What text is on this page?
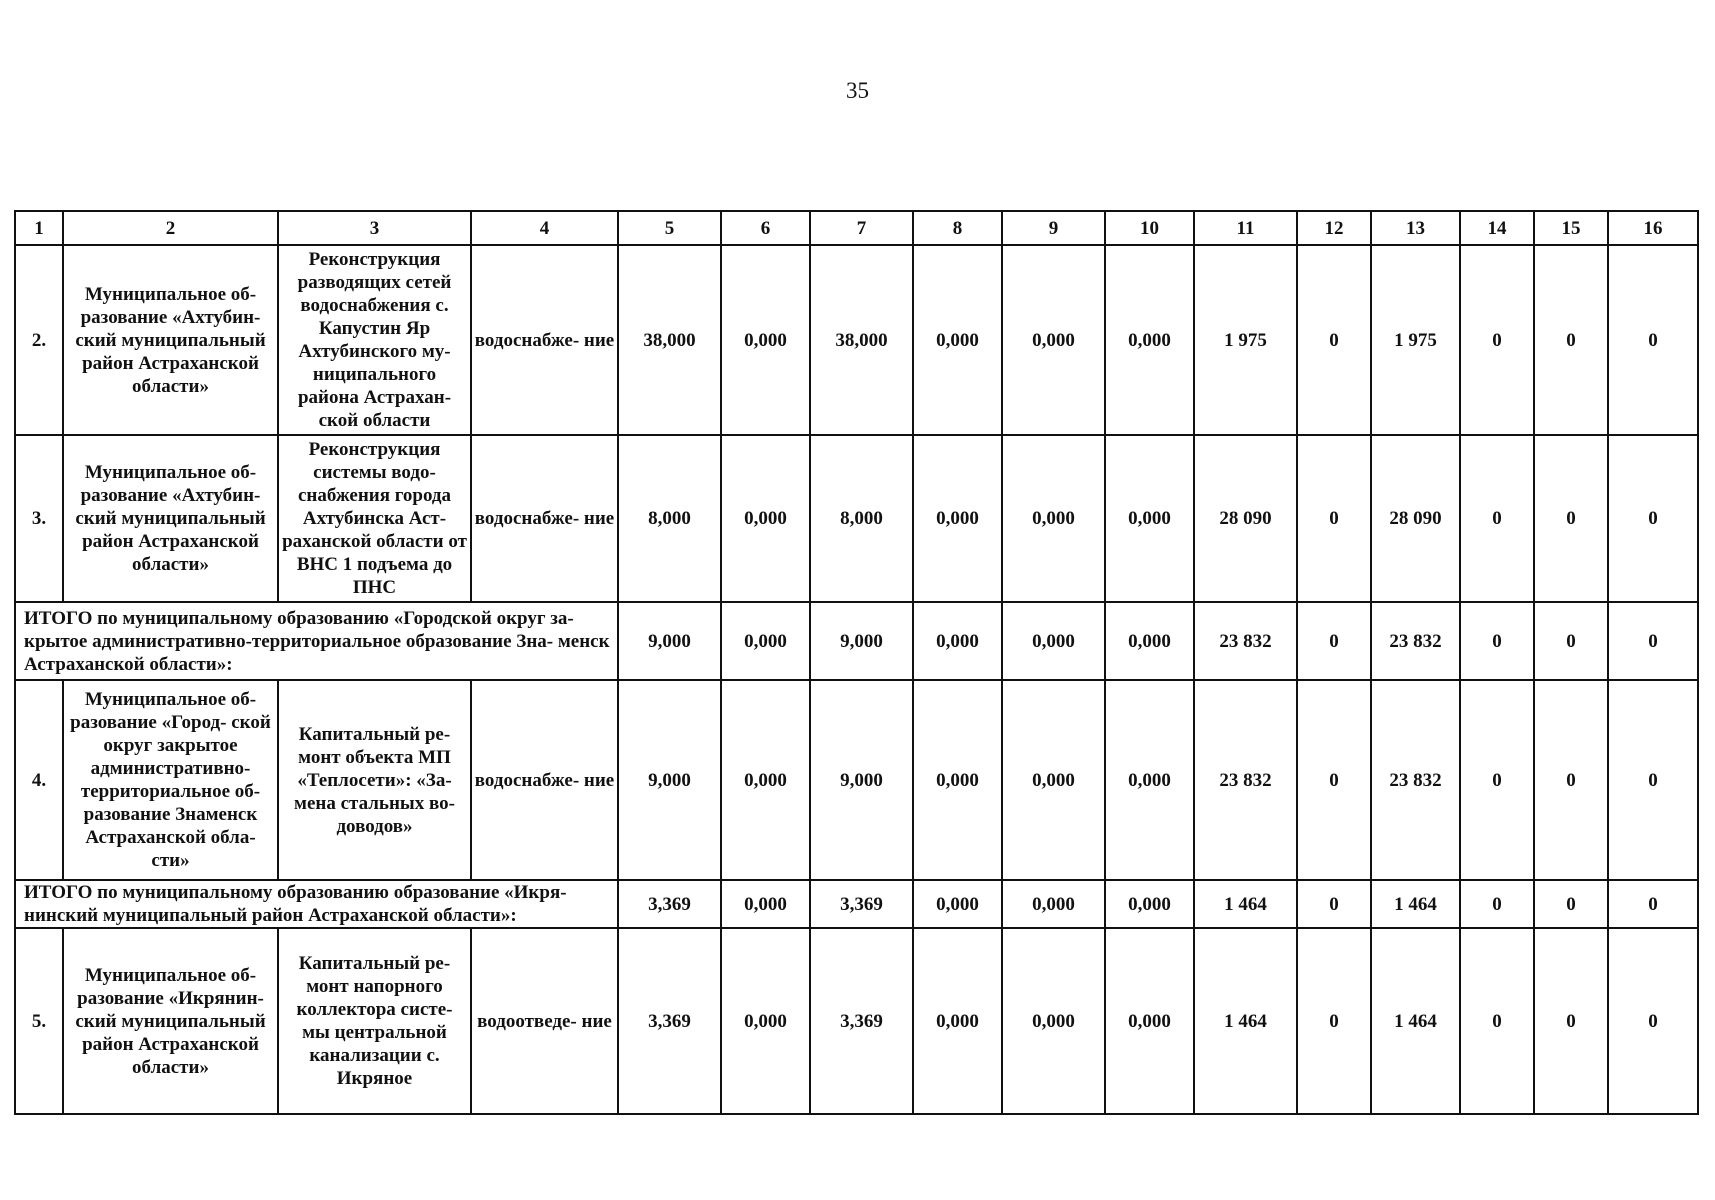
35
1	2	3	4	5	6	7	8	9	10	11	12	13	14	15	16
2.	Муниципальное об- разование «Ахтубин- ский муниципальный район Астраханской области»	Реконструкция разводящих сетей водоснабжения с. Капустин Яр Ахтубинского му- ниципального района Астрахан- ской области	водоснабже- ние	38,000	0,000	38,000	0,000	0,000	0,000	1 975	0	1 975	0	0	0
3.	Муниципальное об- разование «Ахтубин- ский муниципальный район Астраханской области»	Реконструкция системы водо- снабжения города Ахтубинска Аст- раханской области от ВНС 1 подъема до ПНС	водоснабже- ние	8,000	0,000	8,000	0,000	0,000	0,000	28 090	0	28 090	0	0	0
ИТОГО по муниципальному образованию «Городской округ за- крытое административно-территориальное образование Зна- менск Астраханской области»:				9,000	0,000	9,000	0,000	0,000	0,000	23 832	0	23 832	0	0	0
4.	Муниципальное об- разование «Город- ской округ закрытое административно- территориальное об- разование Знаменск Астраханской обла- сти»	Капитальный ре- монт объекта МП «Теплосети»: «За- мена стальных во- доводов»	водоснабже- ние	9,000	0,000	9,000	0,000	0,000	0,000	23 832	0	23 832	0	0	0
ИТОГО по муниципальному образованию образование «Икря- нинский муниципальный район Астраханской области»:				3,369	0,000	3,369	0,000	0,000	0,000	1 464	0	1 464	0	0	0
5.	Муниципальное об- разование «Икрянин- ский муниципальный район Астраханской области»	Капитальный ре- монт напорного коллектора систе- мы центральной канализации с. Икряное	водоотведе- ние	3,369	0,000	3,369	0,000	0,000	0,000	1 464	0	1 464	0	0	0
